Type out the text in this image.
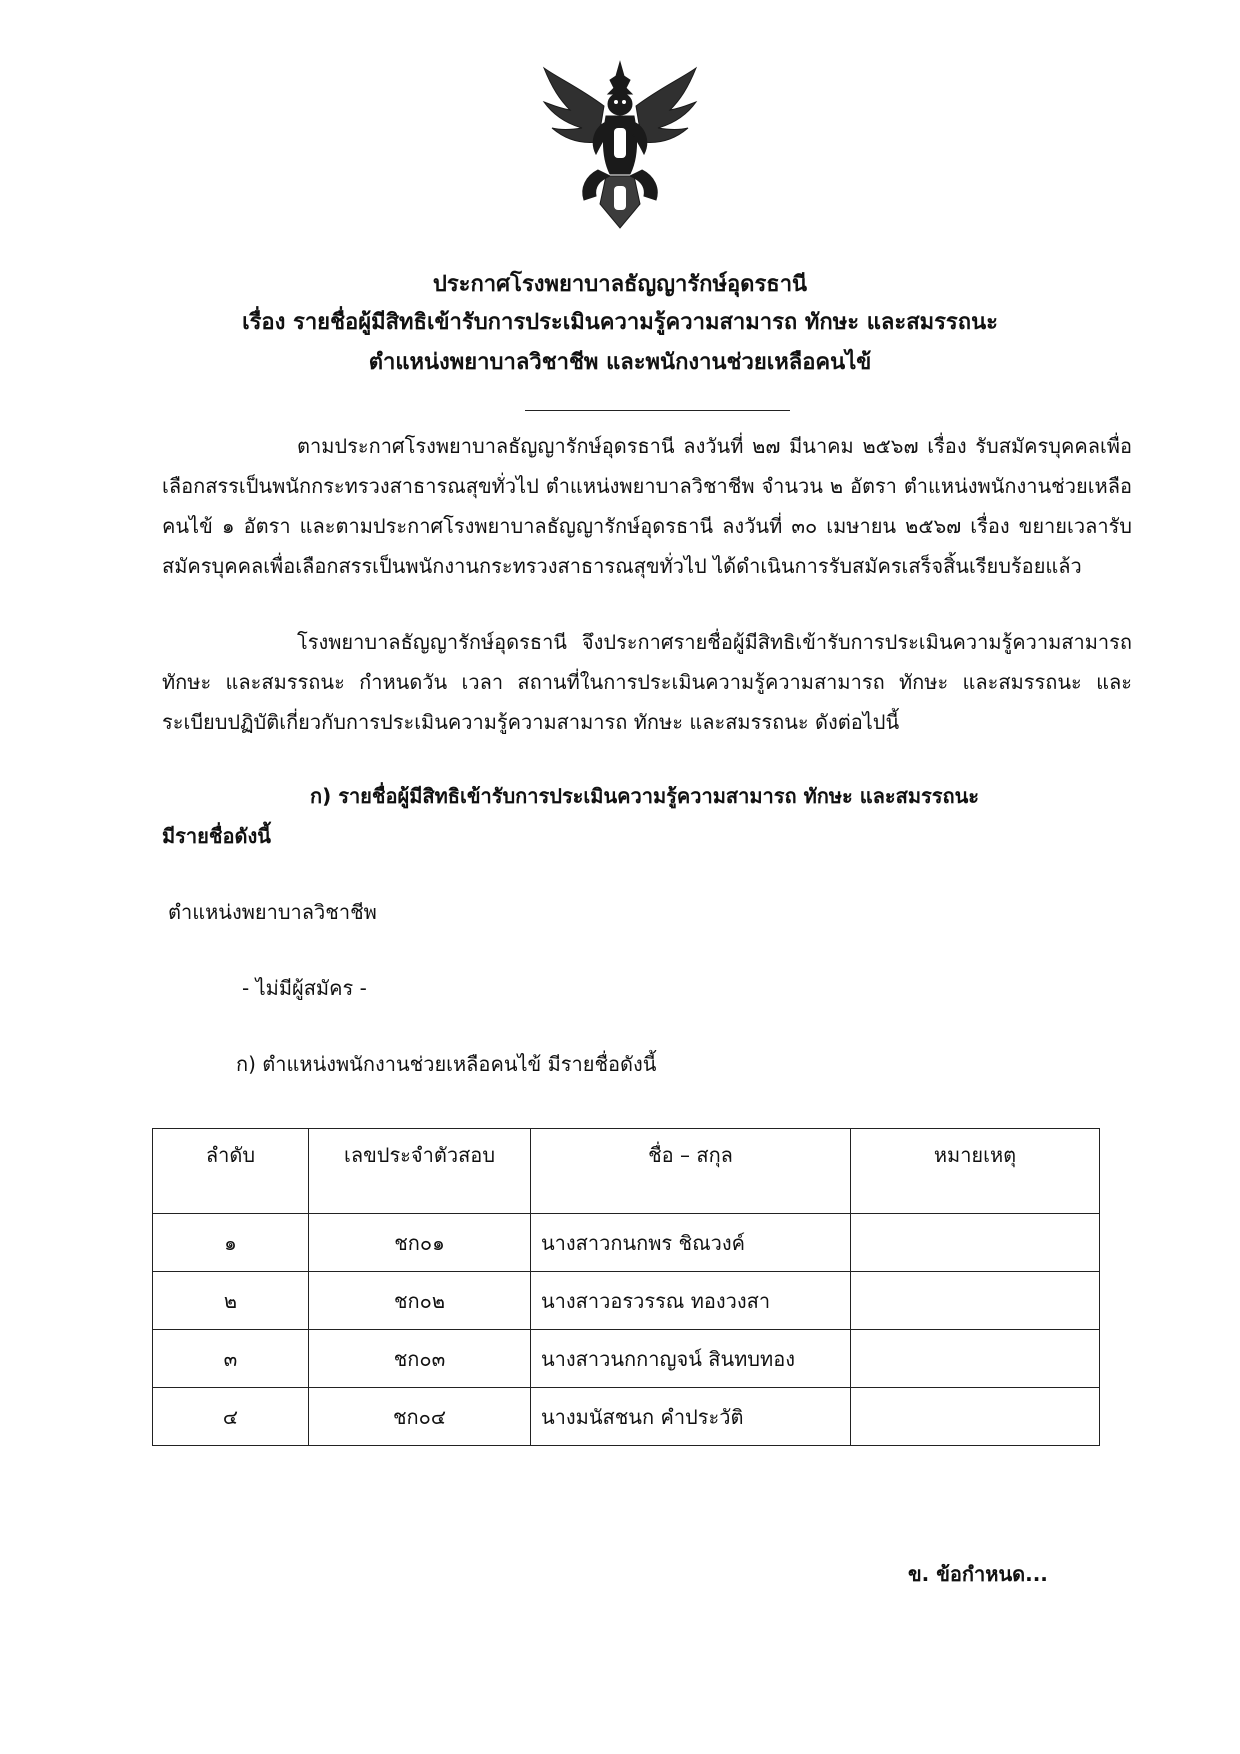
ประกาศโรงพยาบาลธัญญารักษ์อุดรธานี
เรื่อง รายชื่อผู้มีสิทธิเข้ารับการประเมินความรู้ความสามารถ ทักษะ และสมรรถนะ
ตำแหน่งพยาบาลวิชาชีพ และพนักงานช่วยเหลือคนไข้
ตามประกาศโรงพยาบาลธัญญารักษ์อุดรธานี ลงวันที่ ๒๗ มีนาคม ๒๕๖๗ เรื่อง รับสมัครบุคคลเพื่อเลือกสรรเป็นพนักกระทรวงสาธารณสุขทั่วไป ตำแหน่งพยาบาลวิชาชีพ จำนวน ๒ อัตรา ตำแหน่งพนักงานช่วยเหลือคนไข้ ๑ อัตรา และตามประกาศโรงพยาบาลธัญญารักษ์อุดรธานี ลงวันที่ ๓๐ เมษายน ๒๕๖๗ เรื่อง ขยายเวลารับสมัครบุคคลเพื่อเลือกสรรเป็นพนักงานกระทรวงสาธารณสุขทั่วไป ได้ดำเนินการรับสมัครเสร็จสิ้นเรียบร้อยแล้ว
โรงพยาบาลธัญญารักษ์อุดรธานี จึงประกาศรายชื่อผู้มีสิทธิเข้ารับการประเมินความรู้ความสามารถทักษะ และสมรรถนะ กำหนดวัน เวลา สถานที่ในการประเมินความรู้ความสามารถ ทักษะ และสมรรถนะ และระเบียบปฏิบัติเกี่ยวกับการประเมินความรู้ความสามารถ ทักษะ และสมรรถนะ ดังต่อไปนี้
ก) รายชื่อผู้มีสิทธิเข้ารับการประเมินความรู้ความสามารถ ทักษะ และสมรรถนะ
มีรายชื่อดังนี้
ตำแหน่งพยาบาลวิชาชีพ
- ไม่มีผู้สมัคร -
ก) ตำแหน่งพนักงานช่วยเหลือคนไข้ มีรายชื่อดังนี้
ลำดับ	เลขประจำตัวสอบ	ชื่อ – สกุล	หมายเหตุ
๑	ชก๐๑	นางสาวกนกพร ชิณวงค์	
๒	ชก๐๒	นางสาวอรวรรณ ทองวงสา	
๓	ชก๐๓	นางสาวนกกาญจน์ สินทบทอง	
๔	ชก๐๔	นางมนัสชนก คำประวัติ	
ข. ข้อกำหนด...
